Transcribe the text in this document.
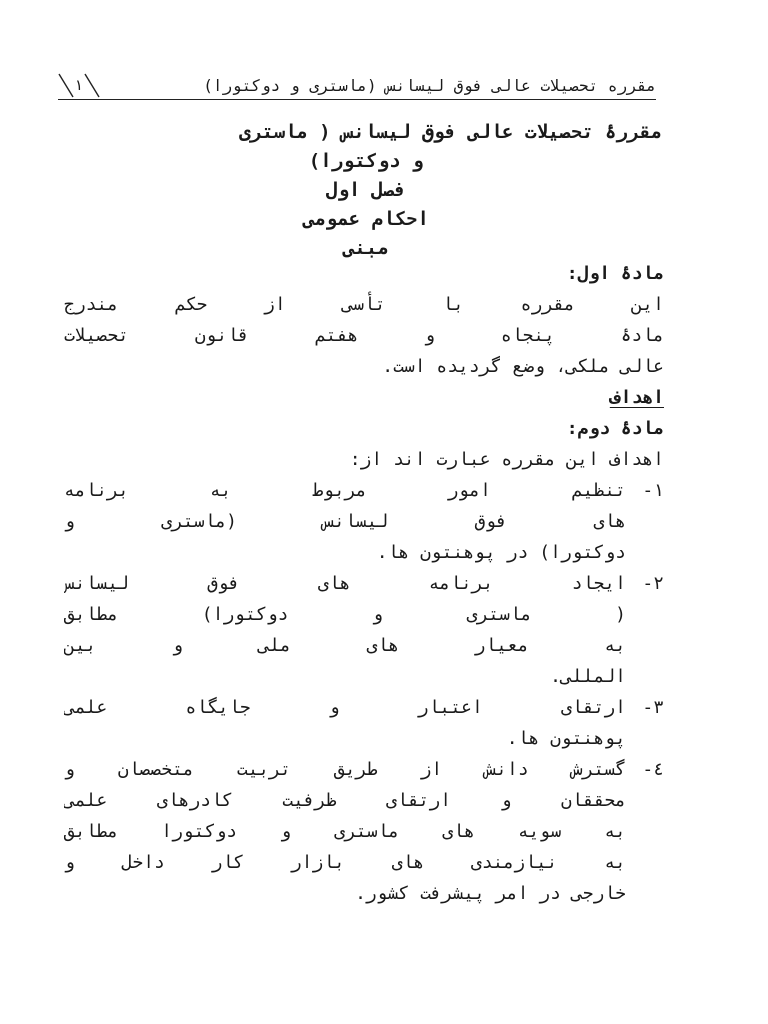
مقرره تحصیلات عالی فوق لیسانس (ماستری و دوکتورا)
١
مقررۀ تحصیلات عالی فوق لیسانس ( ماستری
و دوکتورا)
فصل اول
احکام عمومی
مبنی
مادۀ اول:
این مقرره با تأسی از حکم مندرج
مادۀ پنجاه و هفتم قانون تحصیلات
عالی ملکی، وضع گردیده است.
اهداف
مادۀ دوم:
اهداف این مقرره عبارت اند از:
١-
تنظیم امور مربوط به برنامه
های فوق لیسانس (ماستری و
دوکتورا) در پوهنتون ها.
٢-
ایجاد برنامه های فوق لیسانس
( ماستری و دوکتورا) مطابق
به معیار های ملی و بین
المللی.
٣-
ارتقای اعتبار و جایگاه علمی
پوهنتون ها.
٤-
گسترش دانش از طریق تربیت متخصصان و
محققان و ارتقای ظرفیت کادرهای علمی
به سویه های ماستری و دوکتورا مطابق
به نیازمندی های بازار کار داخل و
خارجی در امر پیشرفت کشور.
